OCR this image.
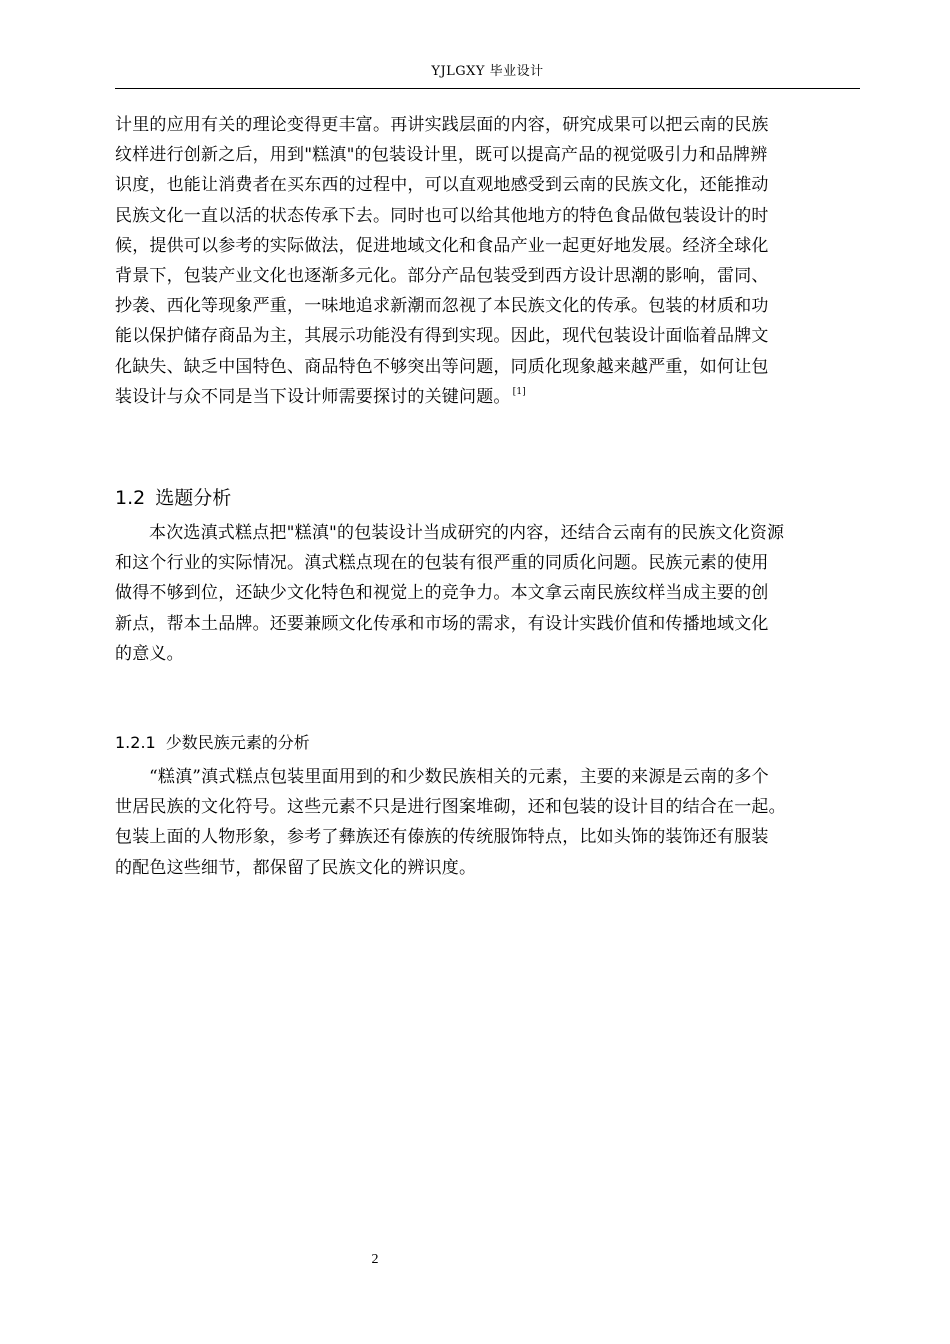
YJLGXY 毕业设计
计里的应用有关的理论变得更丰富。再讲实践层面的内容，研究成果可以把云南的民族
纹样进行创新之后，用到"糕滇"的包装设计里，既可以提高产品的视觉吸引力和品牌辨
识度，也能让消费者在买东西的过程中，可以直观地感受到云南的民族文化，还能推动
民族文化一直以活的状态传承下去。同时也可以给其他地方的特色食品做包装设计的时
候，提供可以参考的实际做法，促进地域文化和食品产业一起更好地发展。经济全球化
背景下，包装产业文化也逐渐多元化。部分产品包装受到西方设计思潮的影响，雷同、
抄袭、西化等现象严重，一味地追求新潮而忽视了本民族文化的传承。包装的材质和功
能以保护储存商品为主，其展示功能没有得到实现。因此，现代包装设计面临着品牌文
化缺失、缺乏中国特色、商品特色不够突出等问题，同质化现象越来越严重，如何让包
装设计与众不同是当下设计师需要探讨的关键问题。 [1]
1.2 选题分析
本次选滇式糕点把"糕滇"的包装设计当成研究的内容，还结合云南有的民族文化资源
和这个行业的实际情况。滇式糕点现在的包装有很严重的同质化问题。民族元素的使用
做得不够到位，还缺少文化特色和视觉上的竞争力。本文拿云南民族纹样当成主要的创
新点，帮本土品牌。还要兼顾文化传承和市场的需求，有设计实践价值和传播地域文化
的意义。
1.2.1 少数民族元素的分析
“糕滇”滇式糕点包装里面用到的和少数民族相关的元素，主要的来源是云南的多个
世居民族的文化符号。这些元素不只是进行图案堆砌，还和包装的设计目的结合在一起。
包装上面的人物形象，参考了彝族还有傣族的传统服饰特点，比如头饰的装饰还有服装
的配色这些细节，都保留了民族文化的辨识度。
2
